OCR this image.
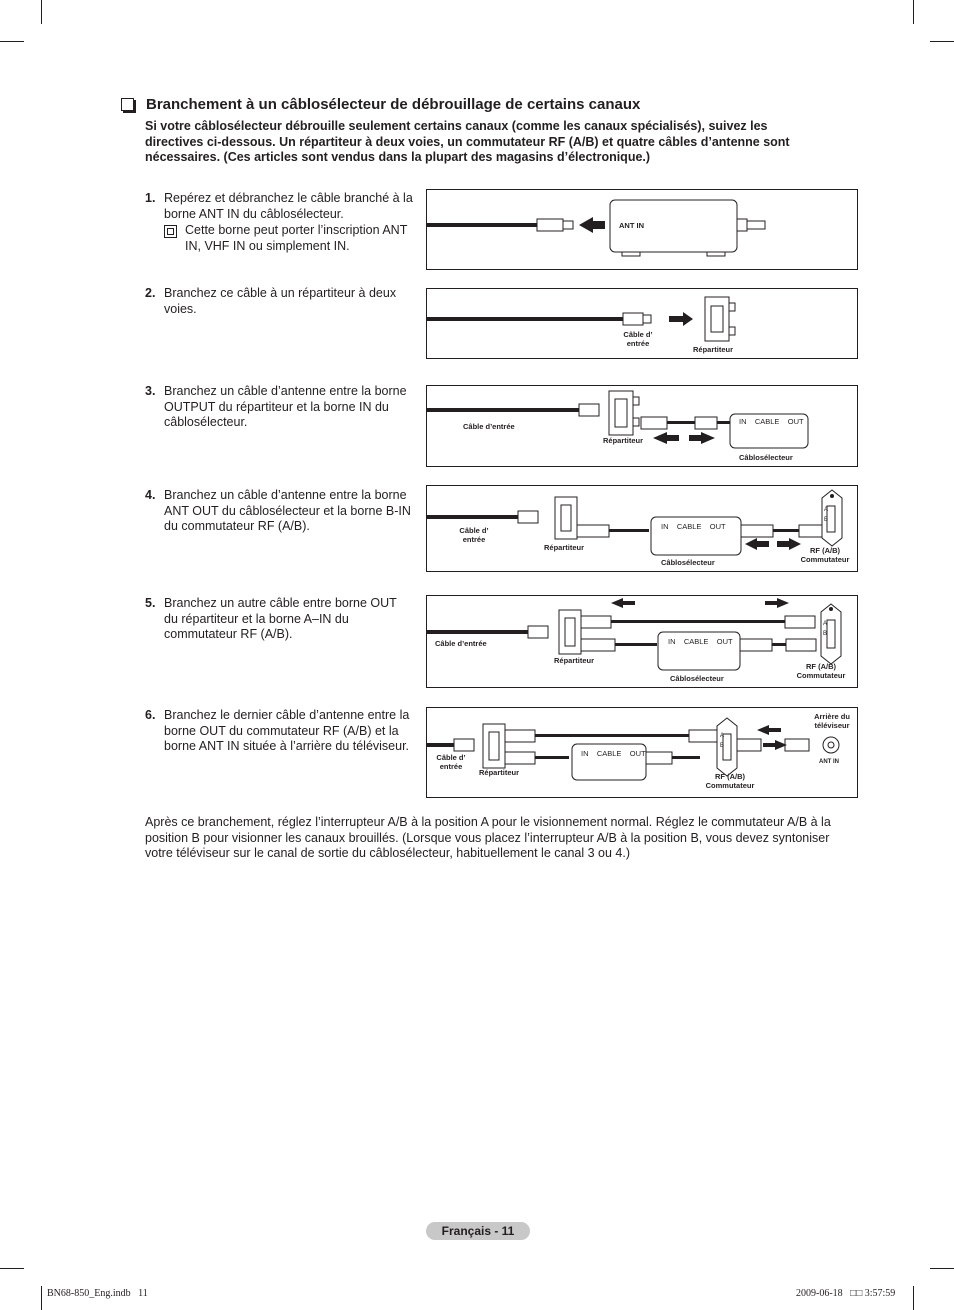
Branchement à un câblosélecteur de débrouillage de certains canaux
Si votre câblosélecteur débrouille seulement certains canaux (comme les canaux spécialisés), suivez les directives ci-dessous. Un répartiteur à deux voies, un commutateur RF (A/B) et quatre câbles d’antenne sont nécessaires. (Ces articles sont vendus dans la plupart des magasins d’électronique.)
1. Repérez et débranchez le câble branché à la borne ANT IN du câblosélecteur.
Cette borne peut porter l’inscription ANT IN, VHF IN ou simplement IN.
2. Branchez ce câble à un répartiteur à deux voies.
3. Branchez un câble d’antenne entre la borne OUTPUT du répartiteur et la borne IN du câblosélecteur.
4. Branchez un câble d’antenne entre la borne ANT OUT du câblosélecteur et la borne B-IN du commutateur RF (A/B).
5. Branchez un autre câble entre borne OUT du répartiteur et la borne A–IN du commutateur RF (A/B).
6. Branchez le dernier câble d’antenne entre la borne OUT du commutateur RF (A/B) et la borne ANT IN située à l’arrière du téléviseur.
ANT IN
Câble d’ entrée
Répartiteur
Câble d’entrée
Répartiteur
IN    CABLE    OUT
Câblosélecteur
Câble d’ entrée
Répartiteur
IN    CABLE    OUT
Câblosélecteur
RF (A/B) Commutateur
A
B
Câble d’entrée
Répartiteur
IN    CABLE    OUT
Câblosélecteur
RF (A/B) Commutateur
A
B
Câble d’ entrée
Répartiteur
IN    CABLE    OUT
RF (A/B) Commutateur
A
B
Arrière du téléviseur
ANT IN
Après ce branchement, réglez l’interrupteur A/B à la position A pour le visionnement normal. Réglez le commutateur A/B à la position B pour visionner les canaux brouillés. (Lorsque vous placez l’interrupteur A/B à la position B, vous devez syntoniser votre téléviseur sur le canal de sortie du câblosélecteur, habituellement le canal 3 ou 4.)
Français - 11
BN68-850_Eng.indb   11	2009-06-18   □□ 3:57:59
